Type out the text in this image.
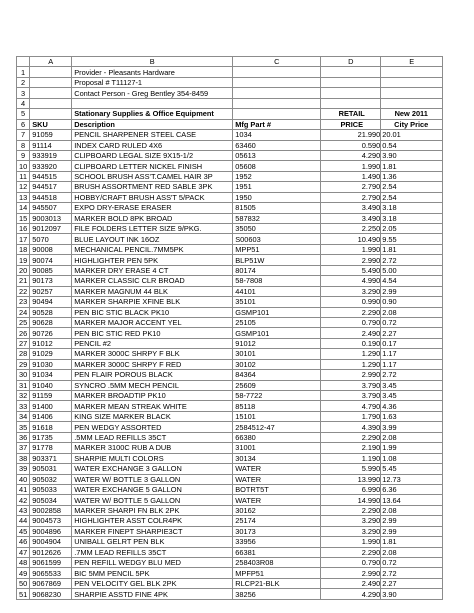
	A	B	C	D	E
1		Provider - Pleasants Hardware			
2		Proposal # T11127-1			
3		Contact Person - Greg Bentley 354-8459			
4					
5		Stationary Supplies & Office Equipment		RETAIL	New 2011
6	SKU	Description	Mfg Part #	PRICE	City Price
7	91059	PENCIL SHARPENER STEEL CASE	1034	21.990	20.01
8	91114	INDEX CARD RULED 4X6	63460	0.590	0.54
9	933919	CLIPBOARD LEGAL SIZE 9X15-1/2	05613	4.290	3.90
10	933920	CLIPBOARD LETTER NICKEL FINISH	05608	1.990	1.81
11	944515	SCHOOL BRUSH ASS'T.CAMEL HAIR 3P	1952	1.490	1.36
12	944517	BRUSH ASSORTMENT RED SABLE 3PK	1951	2.790	2.54
13	944518	HOBBY/CRAFT BRUSH ASS'T 5/PACK	1950	2.790	2.54
14	945507	EXPO DRY-ERASE ERASER	81505	3.490	3.18
15	9003013	MARKER BOLD 8PK BROAD	587832	3.490	3.18
16	9012097	FILE FOLDERS LETTER SIZE 9/PKG.	35050	2.250	2.05
17	5070	BLUE LAYOUT INK 16OZ	S00603	10.490	9.55
18	90008	MECHANICAL PENCIL.7MM5PK	MPP51	1.990	1.81
19	90074	HIGHLIGHTER PEN 5PK	BLP51W	2.990	2.72
20	90085	MARKER DRY ERASE 4 CT	80174	5.490	5.00
21	90173	MARKER CLASSIC CLR BROAD	58-7808	4.990	4.54
22	90257	MARKER MAGNUM 44 BLK	44101	3.290	2.99
23	90494	MARKER SHARPIE XFINE BLK	35101	0.990	0.90
24	90528	PEN BIC STIC BLACK PK10	GSMP101	2.290	2.08
25	90628	MARKER MAJOR ACCENT YEL	25105	0.790	0.72
26	90726	PEN BIC STIC RED PK10	GSMP101	2.490	2.27
27	91012	PENCIL #2	91012	0.190	0.17
28	91029	MARKER 3000C SHRPY F BLK	30101	1.290	1.17
29	91030	MARKER 3000C SHRPY F RED	30102	1.290	1.17
30	91034	PEN FLAIR POROUS BLACK	84364	2.990	2.72
31	91040	SYNCRO .5MM MECH PENCIL	25609	3.790	3.45
32	91159	MARKER BROADTIP PK10	58-7722	3.790	3.45
33	91400	MARKER MEAN STREAK WHITE	85118	4.790	4.36
34	91406	KING SIZE MARKER BLACK	15101	1.790	1.63
35	91618	PEN WEDGY ASSORTED	2584512-47	4.390	3.99
36	91735	.5MM LEAD REFILLS 35CT	66380	2.290	2.08
37	91778	MARKER 3100C RUB A DUB	31001	2.190	1.99
38	903371	SHARPIE MULTI COLORS	30134	1.190	1.08
39	905031	WATER EXCHANGE 3 GALLON	WATER	5.990	5.45
40	905032	WATER W/ BOTTLE 3 GALLON	WATER	13.990	12.73
41	905033	WATER EXCHANGE 5 GALLON	BOTRT5T	6.990	6.36
42	905034	WATER W/ BOTTLE 5 GALLON	WATER	14.990	13.64
43	9002858	MARKER SHARPI FN BLK 2PK	30162	2.290	2.08
44	9004573	HIGHLIGHTER ASST COLR4PK	25174	3.290	2.99
45	9004896	MARKER FINEPT SHARPIE3CT	30173	3.290	2.99
46	9004904	UNIBALL GELRT PEN BLK	33956	1.990	1.81
47	9012626	.7MM LEAD REFILLS 35CT	66381	2.290	2.08
48	9061599	PEN REFILL WEDGY BLU MED	258403R08	0.790	0.72
49	9065533	BIC 5MM PENCIL 5PK	MPFP51	2.990	2.72
50	9067869	PEN VELOCITY GEL BLK 2PK	RLCP21-BLK	2.490	2.27
51	9068230	SHARPIE ASSTD FINE 4PK	38256	4.290	3.90
